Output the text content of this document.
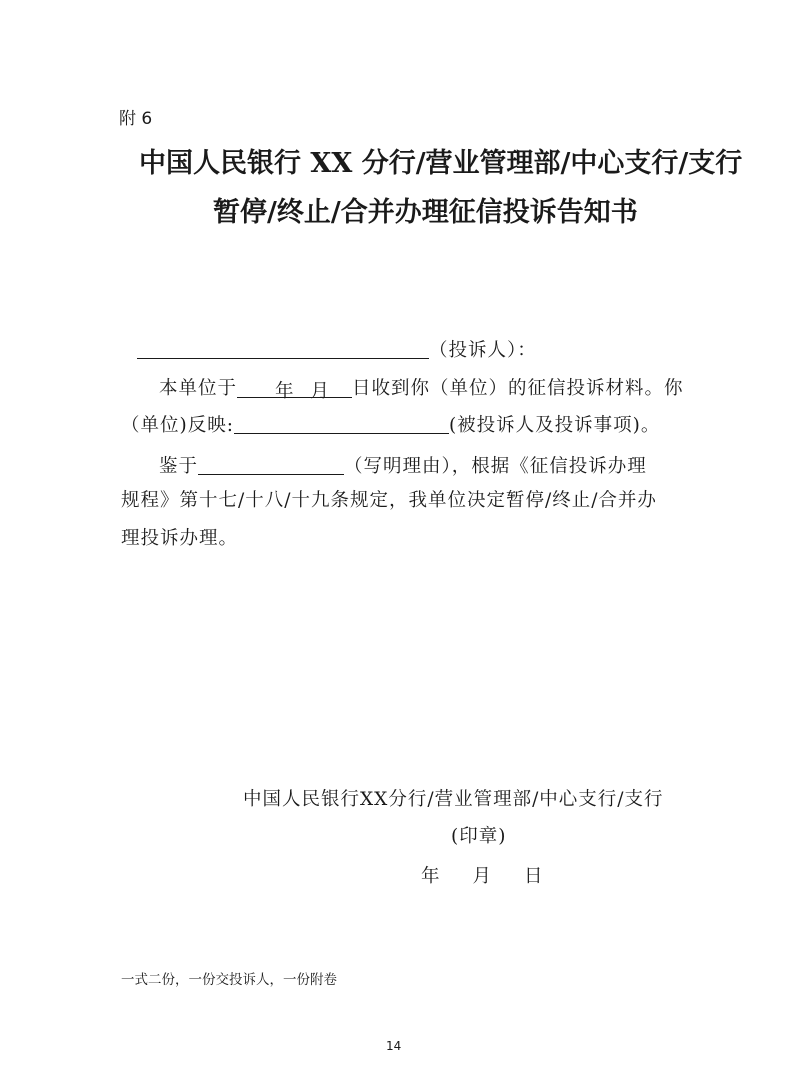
附 6
中国人民银行 XX 分行/营业管理部/中心支行/支行
暂停/终止/合并办理征信投诉告知书
（投诉人）：
本单位于 年 月 日收到你（单位）的征信投诉材料。你
（单位)反映:	(被投诉人及投诉事项)。
鉴于	（写明理由），根据《征信投诉办理
规程》第十七/十八/十九条规定，我单位决定暂停/终止/合并办
理投诉办理。
中国人民银行XX分行/营业管理部/中心支行/支行
(印章)
年 月 日
一式二份，一份交投诉人，一份附卷
14
